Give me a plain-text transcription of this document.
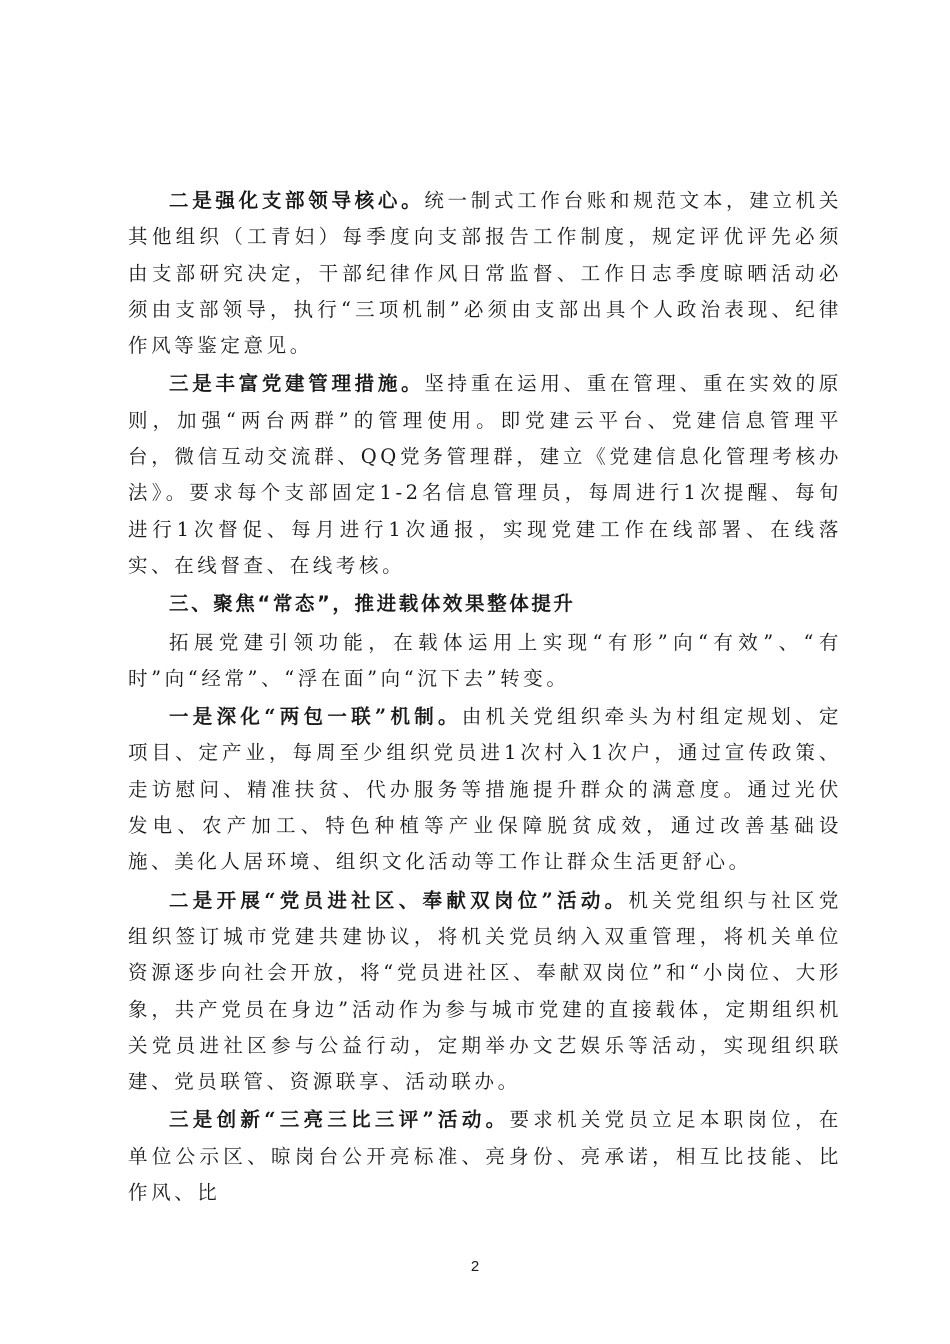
二是强化支部领导核心。统一制式工作台账和规范文本，建立机关其他组织（工青妇）每季度向支部报告工作制度，规定评优评先必须由支部研究决定，干部纪律作风日常监督、工作日志季度晾晒活动必须由支部领导，执行“三项机制”必须由支部出具个人政治表现、纪律作风等鉴定意见。

三是丰富党建管理措施。坚持重在运用、重在管理、重在实效的原则，加强“两台两群”的管理使用。即党建云平台、党建信息管理平台，微信互动交流群、QQ党务管理群，建立《党建信息化管理考核办法》。要求每个支部固定1-2名信息管理员，每周进行1次提醒、每旬进行1次督促、每月进行1次通报，实现党建工作在线部署、在线落实、在线督查、在线考核。

三、聚焦“常态”，推进载体效果整体提升

拓展党建引领功能，在载体运用上实现“有形”向“有效”、“有时”向“经常”、“浮在面”向“沉下去”转变。

一是深化“两包一联”机制。由机关党组织牵头为村组定规划、定项目、定产业，每周至少组织党员进1次村入1次户，通过宣传政策、走访慰问、精准扶贫、代办服务等措施提升群众的满意度。通过光伏发电、农产加工、特色种植等产业保障脱贫成效，通过改善基础设施、美化人居环境、组织文化活动等工作让群众生活更舒心。

二是开展“党员进社区、奉献双岗位”活动。机关党组织与社区党组织签订城市党建共建协议，将机关党员纳入双重管理，将机关单位资源逐步向社会开放，将“党员进社区、奉献双岗位”和“小岗位、大形象，共产党员在身边”活动作为参与城市党建的直接载体，定期组织机关党员进社区参与公益行动，定期举办文艺娱乐等活动，实现组织联建、党员联管、资源联享、活动联办。

三是创新“三亮三比三评”活动。要求机关党员立足本职岗位，在单位公示区、晾岗台公开亮标准、亮身份、亮承诺，相互比技能、比作风、比

2
